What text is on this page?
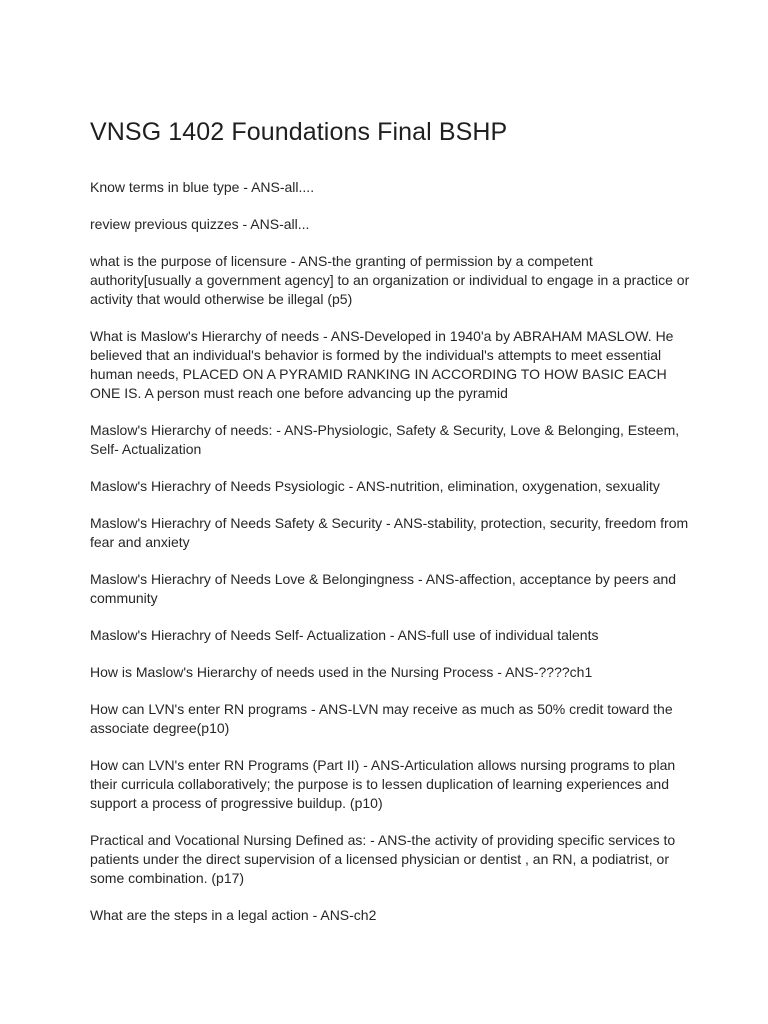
VNSG 1402 Foundations Final BSHP
Know terms in blue type - ANS-all....
review previous quizzes - ANS-all...
what is the purpose of licensure - ANS-the granting of permission by a competent authority[usually a government agency] to an organization or individual to engage in a practice or activity that would otherwise be illegal (p5)
What is Maslow's Hierarchy of needs - ANS-Developed in 1940'a by ABRAHAM MASLOW. He believed that an individual's behavior is formed by the individual's attempts to meet essential human needs, PLACED ON A PYRAMID RANKING IN ACCORDING TO HOW BASIC EACH ONE IS. A person must reach one before advancing up the pyramid
Maslow's Hierarchy of needs: - ANS-Physiologic, Safety & Security, Love & Belonging, Esteem, Self- Actualization
Maslow's Hierachry of Needs Psysiologic - ANS-nutrition, elimination, oxygenation, sexuality
Maslow's Hierachry of Needs Safety & Security - ANS-stability, protection, security, freedom from fear and anxiety
Maslow's Hierachry of Needs Love & Belongingness - ANS-affection, acceptance by peers and community
Maslow's Hierachry of Needs Self- Actualization - ANS-full use of individual talents
How is Maslow's Hierarchy of needs used in the Nursing Process - ANS-????ch1
How can LVN's enter RN programs - ANS-LVN may receive as much as 50% credit toward the associate degree(p10)
How can LVN's enter RN Programs (Part II) - ANS-Articulation allows nursing programs to plan their curricula collaboratively; the purpose is to lessen duplication of learning experiences and support a process of progressive buildup. (p10)
Practical and Vocational Nursing Defined as: - ANS-the activity of providing specific services to patients under the direct supervision of a licensed physician or dentist , an RN, a podiatrist, or some combination. (p17)
What are the steps in a legal action - ANS-ch2
